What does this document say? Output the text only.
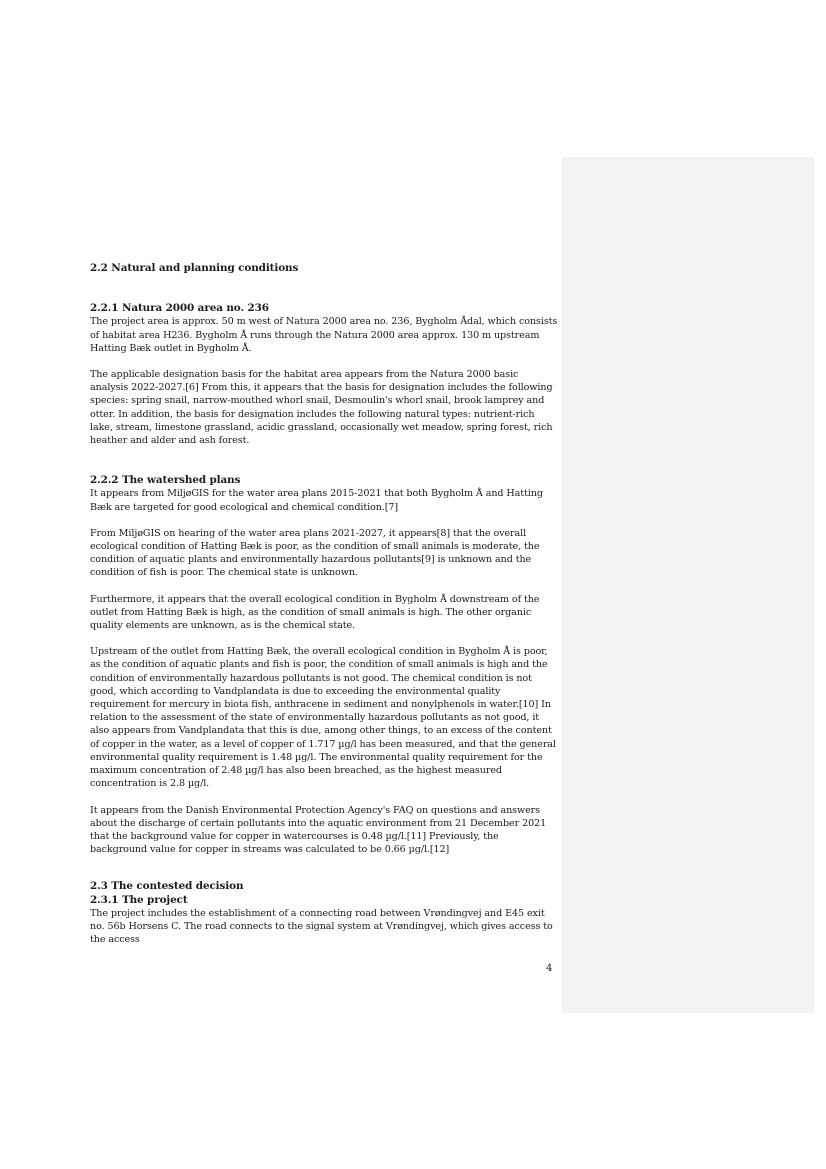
2.2 Natural and planning conditions
2.2.1 Natura 2000 area no. 236

The project area is approx. 50 m west of Natura 2000 area no. 236, Bygholm Ådal, which consists of habitat area H236. Bygholm Å runs through the Natura 2000 area approx. 130 m upstream Hatting Bæk outlet in Bygholm Å.

The applicable designation basis for the habitat area appears from the Natura 2000 basic analysis 2022-2027.[6] From this, it appears that the basis for designation includes the following species: spring snail, narrow-mouthed whorl snail, Desmoulin's whorl snail, brook lamprey and otter. In addition, the basis for designation includes the following natural types: nutrient-rich lake, stream, limestone grassland, acidic grassland, occasionally wet meadow, spring forest, rich heather and alder and ash forest.

2.2.2 The watershed plans

It appears from MiljøGIS for the water area plans 2015-2021 that both Bygholm Å and Hatting Bæk are targeted for good ecological and chemical condition.[7]

From MiljøGIS on hearing of the water area plans 2021-2027, it appears[8] that the overall ecological condition of Hatting Bæk is poor, as the condition of small animals is moderate, the condition of aquatic plants and environmentally hazardous pollutants[9] is unknown and the condition of fish is poor. The chemical state is unknown.

Furthermore, it appears that the overall ecological condition in Bygholm Å downstream of the outlet from Hatting Bæk is high, as the condition of small animals is high. The other organic quality elements are unknown, as is the chemical state.

Upstream of the outlet from Hatting Bæk, the overall ecological condition in Bygholm Å is poor, as the condition of aquatic plants and fish is poor, the condition of small animals is high and the condition of environmentally hazardous pollutants is not good. The chemical condition is not good, which according to Vandplandata is due to exceeding the environmental quality requirement for mercury in biota fish, anthracene in sediment and nonylphenols in water.[10] In relation to the assessment of the state of environmentally hazardous pollutants as not good, it also appears from Vandplandata that this is due, among other things, to an excess of the content of copper in the water, as a level of copper of 1.717 µg/l has been measured, and that the general environmental quality requirement is 1.48 µg/l. The environmental quality requirement for the maximum concentration of 2.48 µg/l has also been breached, as the highest measured concentration is 2.8 µg/l.

It appears from the Danish Environmental Protection Agency's FAQ on questions and answers about the discharge of certain pollutants into the aquatic environment from 21 December 2021 that the background value for copper in watercourses is 0.48 µg/l.[11] Previously, the background value for copper in streams was calculated to be 0.66 µg/l.[12]

2.3 The contested decision
2.3.1 The project

The project includes the establishment of a connecting road between Vrøndingvej and E45 exit no. 56b Horsens C. The road connects to the signal system at Vrøndingvej, which gives access to the access

4
